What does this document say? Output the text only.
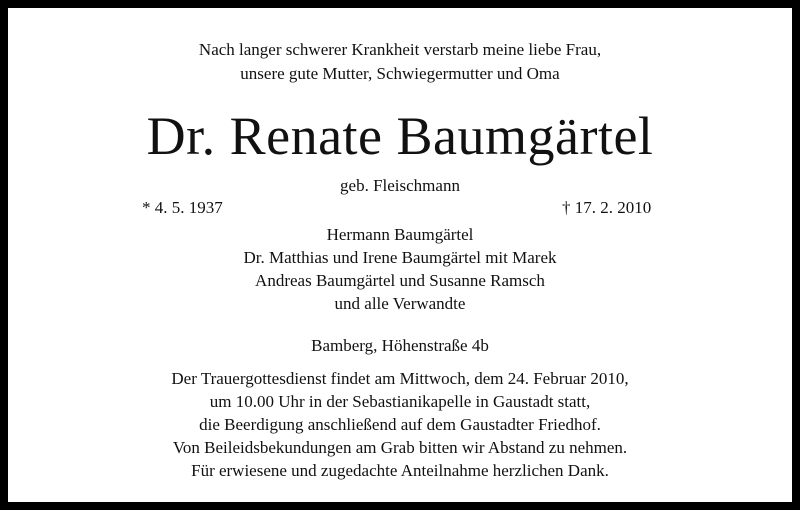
Nach langer schwerer Krankheit verstarb meine liebe Frau,
unsere gute Mutter, Schwiegermutter und Oma
Dr. Renate Baumgärtel
geb. Fleischmann
* 4. 5. 1937	† 17. 2. 2010
Hermann Baumgärtel
Dr. Matthias und Irene Baumgärtel mit Marek
Andreas Baumgärtel und Susanne Ramsch
und alle Verwandte
Bamberg, Höhenstraße 4b
Der Trauergottesdienst findet am Mittwoch, dem 24. Februar 2010,
um 10.00 Uhr in der Sebastianikapelle in Gaustadt statt,
die Beerdigung anschließend auf dem Gaustadter Friedhof.
Von Beileidsbekundungen am Grab bitten wir Abstand zu nehmen.
Für erwiesene und zugedachte Anteilnahme herzlichen Dank.
